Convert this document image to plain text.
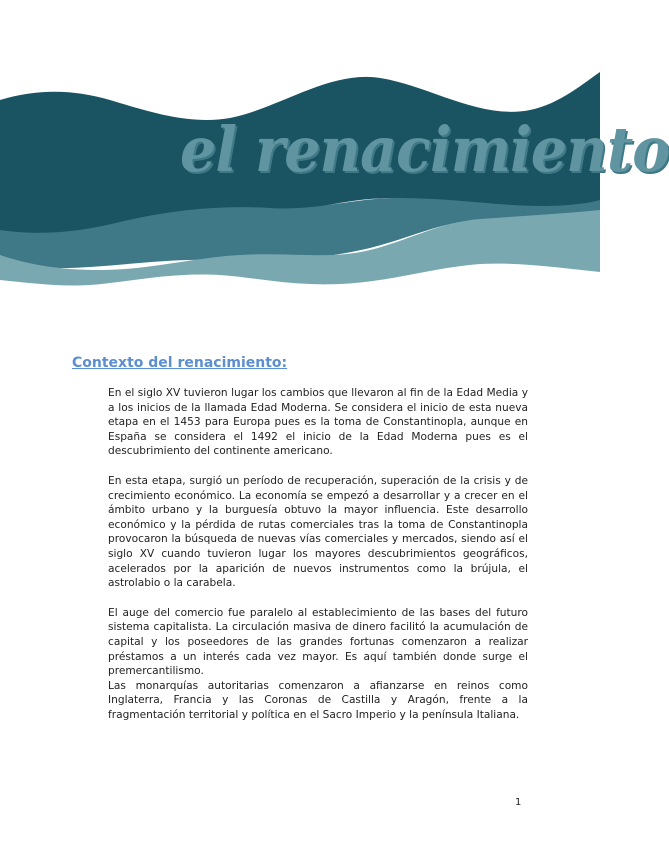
el renacimiento
Contexto del renacimiento:

En el siglo XV tuvieron lugar los cambios que llevaron al fin de la Edad Media y a los inicios de la llamada Edad Moderna. Se considera el inicio de esta nueva etapa en el 1453 para Europa pues es la toma de Constantinopla, aunque en España se considera el 1492 el inicio de la Edad Moderna pues es el descubrimiento del continente americano.

En esta etapa, surgió un período de recuperación, superación de la crisis y de crecimiento económico. La economía se empezó a desarrollar y a crecer en el ámbito urbano y la burguesía obtuvo la mayor influencia. Este desarrollo económico y la pérdida de rutas comerciales tras la toma de Constantinopla provocaron la búsqueda de nuevas vías comerciales y mercados, siendo así el siglo XV cuando tuvieron lugar los mayores descubrimientos geográficos, acelerados por la aparición de nuevos instrumentos como la brújula, el astrolabio o la carabela.

El auge del comercio fue paralelo al establecimiento de las bases del futuro sistema capitalista. La circulación masiva de dinero facilitó la acumulación de capital y los poseedores de las grandes fortunas comenzaron a realizar préstamos a un interés cada vez mayor. Es aquí también donde surge el premercantilismo.

Las monarquías autoritarias comenzaron a afianzarse en reinos como Inglaterra, Francia y las Coronas de Castilla y Aragón, frente a la fragmentación territorial y política en el Sacro Imperio y la península Italiana.

1
